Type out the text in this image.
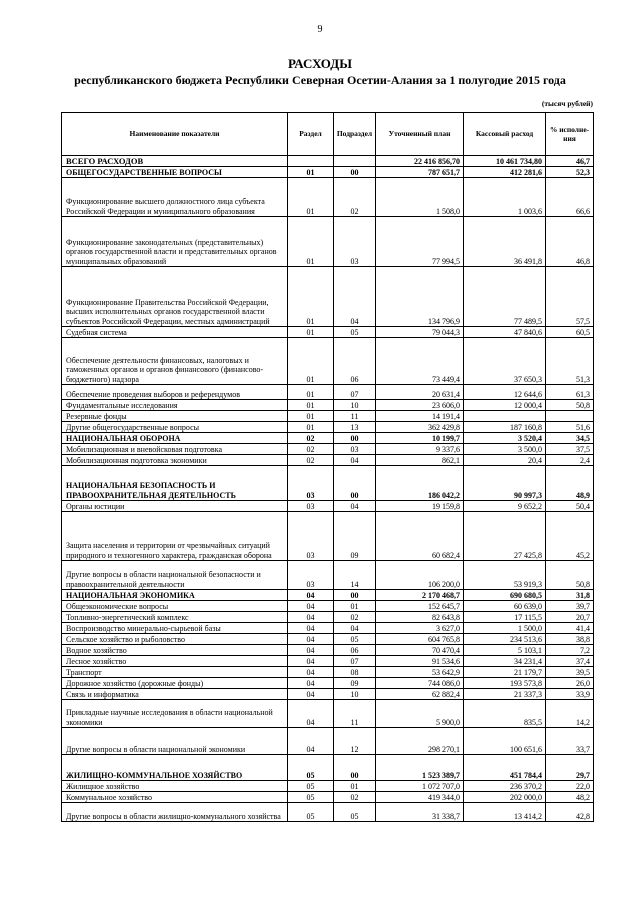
9
РАСХОДЫ
республиканского бюджета Республики Северная Осетии-Алания за 1 полугодие 2015 года
(тысяч рублей)
Наименование показатели	Раздел	Подраздел	Уточненный план	Кассовый расход	% исполне-ния
ВСЕГО РАСХОДОВ			22 416 856,70	10 461 734,80	46,7
ОБЩЕГОСУДАРСТВЕННЫЕ ВОПРОСЫ	01	00	787 651,7	412 281,6	52,3
Функционирование высшего должностного лица субъекта Российской Федерации и муниципального образования	01	02	1 508,0	1 003,6	66,6
Функционирование законодательных (представительных) органов государственной власти и представительных органов муниципальных образований	01	03	77 994,5	36 491,8	46,8
Функционирование Правительства Российской Федерации, высших исполнительных органов государственной власти субъектов Российской Федерации, местных администраций	01	04	134 796,9	77 489,5	57,5
Судебная система	01	05	79 044,3	47 840,6	60,5
Обеспечение деятельности финансовых, налоговых и таможенных органов и органов финансового (финансово-бюджетного) надзора	01	06	73 449,4	37 650,3	51,3
Обеспечение проведения выборов и референдумов	01	07	20 631,4	12 644,6	61,3
Фундаментальные исследования	01	10	23 606,0	12 000,4	50,8
Резервные фонды	01	11	14 191,4		
Другие общегосударственные вопросы	01	13	362 429,8	187 160,8	51,6
НАЦИОНАЛЬНАЯ ОБОРОНА	02	00	10 199,7	3 520,4	34,5
Мобилизационная и вневойсковая подготовка	02	03	9 337,6	3 500,0	37,5
Мобилизационная подготовка экономики	02	04	862,1	20,4	2,4
НАЦИОНАЛЬНАЯ БЕЗОПАСНОСТЬ И ПРАВООХРАНИТЕЛЬНАЯ ДЕЯТЕЛЬНОСТЬ	03	00	186 042,2	90 997,3	48,9
Органы юстиции	03	04	19 159,8	9 652,2	50,4
Защита населения и территории от чрезвычайных ситуаций природного и техногенного характера, гражданская оборона	03	09	60 682,4	27 425,8	45,2
Другие вопросы в области национальной безопасности и правоохранительной деятельности	03	14	106 200,0	53 919,3	50,8
НАЦИОНАЛЬНАЯ ЭКОНОМИКА	04	00	2 170 468,7	690 680,5	31,8
Общеэкономические вопросы	04	01	152 645,7	60 639,0	39,7
Топливно-энергетический комплекс	04	02	82 643,8	17 115,5	20,7
Воспроизводство минерально-сырьевой базы	04	04	3 627,0	1 500,0	41,4
Сельское хозяйство и рыболовство	04	05	604 765,8	234 513,6	38,8
Водное хозяйство	04	06	70 470,4	5 103,1	7,2
Лесное хозяйство	04	07	91 534,6	34 231,4	37,4
Транспорт	04	08	53 642,9	21 179,7	39,5
Дорожное хозяйство (дорожные фонды)	04	09	744 086,0	193 573,8	26,0
Связь и информатика	04	10	62 882,4	21 337,3	33,9
Прикладные научные исследования в области национальной экономики	04	11	5 900,0	835,5	14,2
Другие вопросы в области национальной экономики	04	12	298 270,1	100 651,6	33,7
ЖИЛИЩНО-КОММУНАЛЬНОЕ ХОЗЯЙСТВО	05	00	1 523 389,7	451 784,4	29,7
Жилищное хозяйство	05	01	1 072 707,0	236 370,2	22,0
Коммунальное хозяйство	05	02	419 344,0	202 000,0	48,2
Другие вопросы в области жилищно-коммунального хозяйства	05	05	31 338,7	13 414,2	42,8
